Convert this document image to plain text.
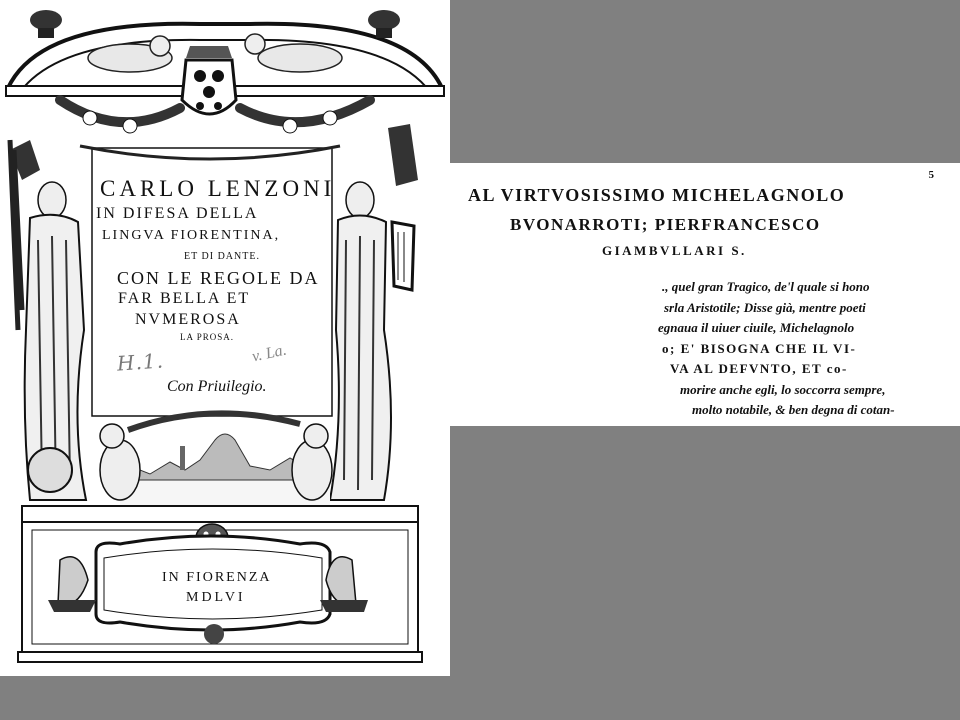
CARLO LENZONI
IN DIFESA DELLA
LINGVA FIORENTINA,
ET DI DANTE.
CON LE REGOLE DA
FAR BELLA ET
NVMEROSA
LA PROSA.
H.1.	v. La.
Con Priuilegio.
IN FIORENZA
MDLVI
5
AL VIRTVOSISSIMO MICHELAGNOLO
BVONARROTI; PIERFRANCESCO
GIAMBVLLARI S.
., quel gran Tragico, de'l quale si hono
srla Aristotile; Disse già, mentre poeti
egnaua il uiuer ciuile, Michelagnolo
o; E' BISOGNA CHE IL VI-
VA AL DEFVNTO, ET co-
morire anche egli, lo soccorra sempre,
molto notabile, & ben degna di cotan-
